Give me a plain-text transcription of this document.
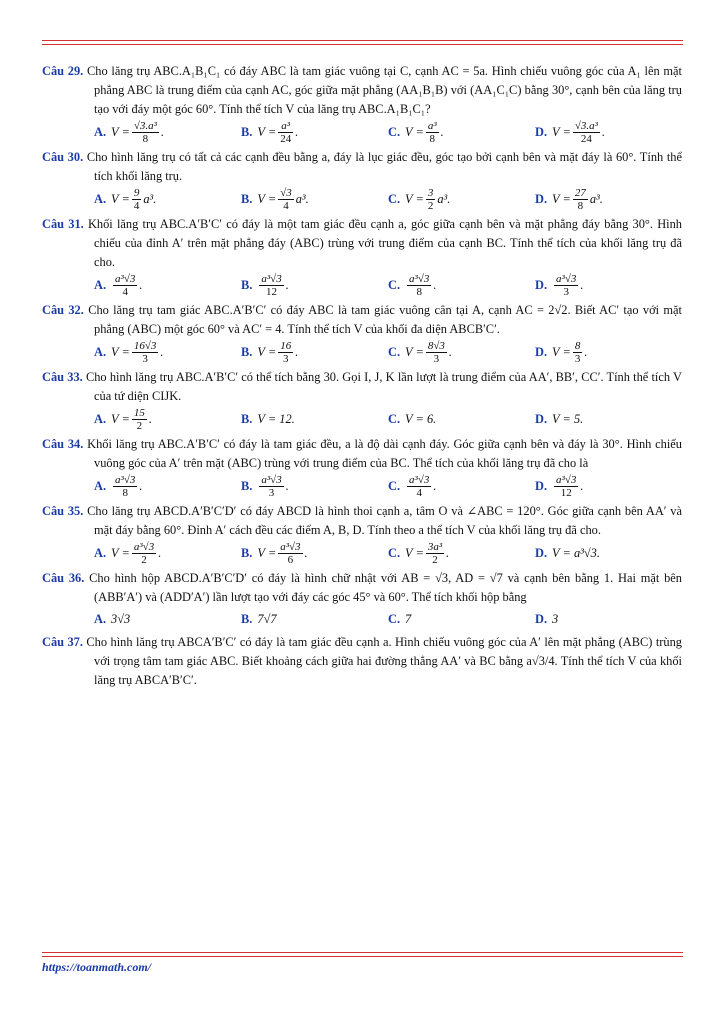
Câu 29. Cho lăng trụ ABC.A₁B₁C₁ có đáy ABC là tam giác vuông tại C, cạnh AC = 5a. Hình chiếu vuông góc của A₁ lên mặt phẳng ABC là trung điểm của cạnh AC, góc giữa mặt phẳng (AA₁B₁B) với (AA₁C₁C) bằng 30°, cạnh bên của lăng trụ tạo với đáy một góc 60°. Tính thể tích V của lăng trụ ABC.A₁B₁C₁?
A. $V = \frac{\text{√3.a³}}{8}$ .	B. $V = \frac{\text{a³}}{24}$ .	C. $V = \frac{\text{a³}}{8}$ .	D. $V = \frac{\text{√3.a³}}{24}$ .
Câu 30. Cho hình lăng trụ có tất cả các cạnh đều bằng a, đáy là lục giác đều, góc tạo bởi cạnh bên và mặt đáy là 60°. Tính thể tích khối lăng trụ.
A. $V = \frac{9}{4} a^3$.	B. $V = \frac{√3}{4} a^3$.	C. $V = \frac{3}{2} a^3$.	D. $V = \frac{27}{8} a^3$.
Câu 31. Khối lăng trụ ABC.A′B′C′ có đáy là một tam giác đều cạnh a, góc giữa cạnh bên và mặt phẳng đáy bằng 30°. Hình chiếu của đỉnh A′ trên mặt phẳng đáy (ABC) trùng với trung điểm của cạnh BC. Tính thể tích của khối lăng trụ đã cho.
A. $\frac{\text{a³√3}}{4}$ .	B. $\frac{\text{a³√3}}{12}$ .	C. $\frac{\text{a³√3}}{8}$ .	D. $\frac{\text{a³√3}}{3}$ .
Câu 32. Cho lăng trụ tam giác ABC.A′B′C′ có đáy ABC là tam giác vuông cân tại A, cạnh AC = 2√2. Biết AC′ tạo với mặt phẳng (ABC) một góc 60° và AC′ = 4. Tính thể tích V của khối đa diện ABCB′C′.
A. $V = \frac{16√3}{3}$ .	B. $V = \frac{16}{3}$ .	C. $V = \frac{8√3}{3}$ .	D. $V = \frac{8}{3}$ .
Câu 33. Cho hình lăng trụ ABC.A′B′C′ có thể tích bằng 30. Gọi I, J, K lần lượt là trung điểm của AA′, BB′, CC′. Tính thể tích V của tứ diện CIJK.
A. $V = \frac{15}{2}$ .	B. V = 12.	C. V = 6.	D. V = 5.
Câu 34. Khối lăng trụ ABC.A′B′C′ có đáy là tam giác đều, a là độ dài cạnh đáy. Góc giữa cạnh bên và đáy là 30°. Hình chiếu vuông góc của A′ trên mặt (ABC) trùng với trung điểm của BC. Thể tích của khối lăng trụ đã cho là
A. $\frac{\text{a³√3}}{8}$ .	B. $\frac{\text{a³√3}}{3}$ .	C. $\frac{\text{a³√3}}{4}$ .	D. $\frac{\text{a³√3}}{12}$ .
Câu 35. Cho lăng trụ ABCD.A′B′C′D′ có đáy ABCD là hình thoi cạnh a, tâm O và ∠ABC = 120°. Góc giữa cạnh bên AA′ và mặt đáy bằng 60°. Đỉnh A′ cách đều các điểm A, B, D. Tính theo a thể tích V của khối lăng trụ đã cho.
A. $V = \frac{\text{a³√3}}{2}$ .	B. $V = \frac{\text{a³√3}}{6}$ .	C. $V = \frac{\text{3a³}}{2}$ .	D. V = a³√3.
Câu 36. Cho hình hộp ABCD.A′B′C′D′ có đáy là hình chữ nhật với AB = √3, AD = √7 và cạnh bên bằng 1. Hai mặt bên (ABB′A′) và (ADD′A′) lần lượt tạo với đáy các góc 45° và 60°. Thể tích khối hộp bằng
A. 3√3	B. 7√7	C. 7	D. 3
Câu 37. Cho hình lăng trụ ABCA′B′C′ có đáy là tam giác đều cạnh a. Hình chiếu vuông góc của A′ lên mặt phẳng (ABC) trùng với trọng tâm tam giác ABC. Biết khoảng cách giữa hai đường thẳng AA′ và BC bằng a√3/4. Tính thể tích V của khối lăng trụ ABCA′B′C′.
https://toanmath.com/
